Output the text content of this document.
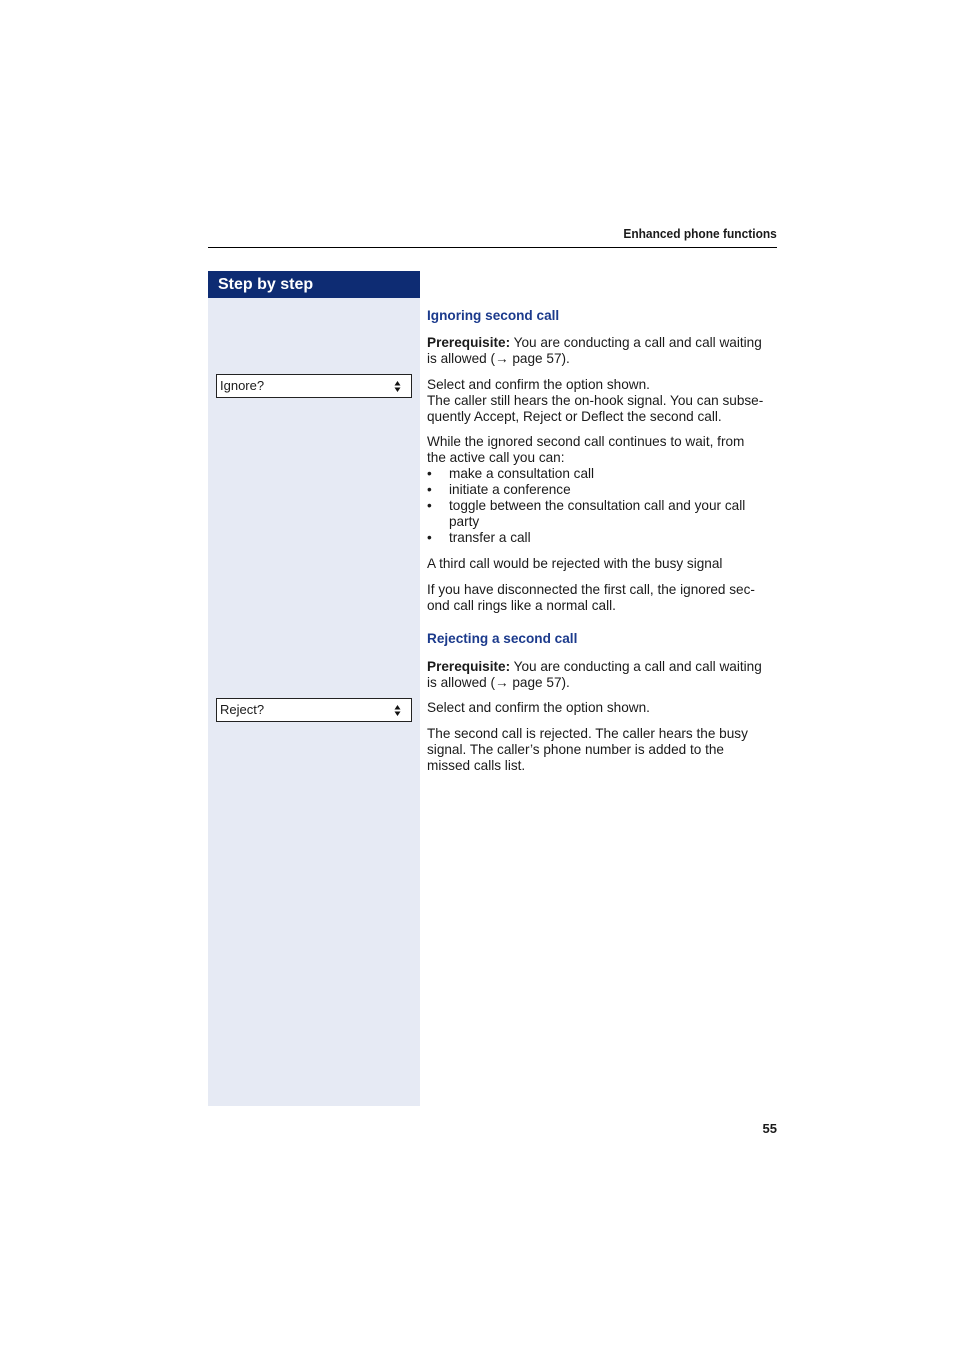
Enhanced phone functions
Step by step
Ignore?
Reject?
Ignoring second call

Prerequisite: You are conducting a call and call waiting

is allowed (→ page 57).

Select and confirm the option shown.

The caller still hears the on-hook signal. You can subse-

quently Accept, Reject or Deflect the second call.

While the ignored second call continues to wait, from

the active call you can:

• make a consultation call
• initiate a conference
• toggle between the consultation call and your call
party
• transfer a call

A third call would be rejected with the busy signal

If you have disconnected the first call, the ignored sec-

ond call rings like a normal call.

Rejecting a second call

Prerequisite: You are conducting a call and call waiting

is allowed (→ page 57).

Select and confirm the option shown.

The second call is rejected. The caller hears the busy

signal. The caller’s phone number is added to the

missed calls list.

55
